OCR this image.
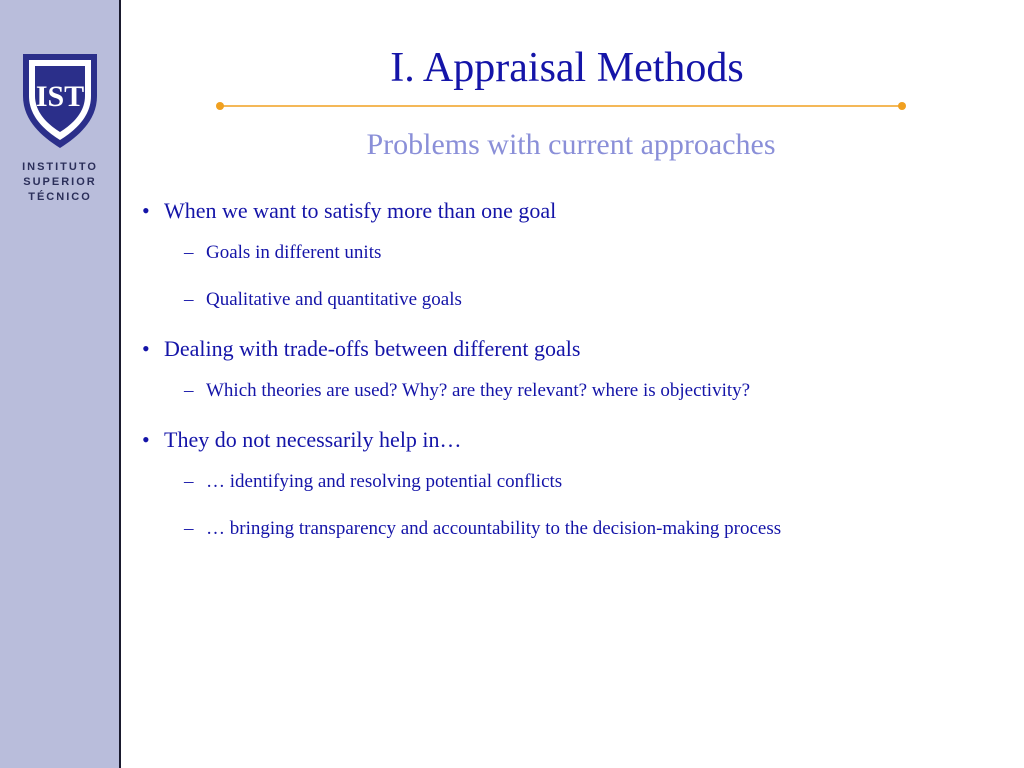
IST
INSTITUTO
SUPERIOR
TÉCNICO
I. Appraisal Methods
Problems with current approaches
• When we want to satisfy more than one goal
– Goals in different units
– Qualitative and quantitative goals
• Dealing with trade-offs between different goals
– Which theories are used? Why? are they relevant? where is objectivity?
• They do not necessarily help in…
– … identifying and resolving potential conflicts
– … bringing transparency and accountability to the decision-making process
